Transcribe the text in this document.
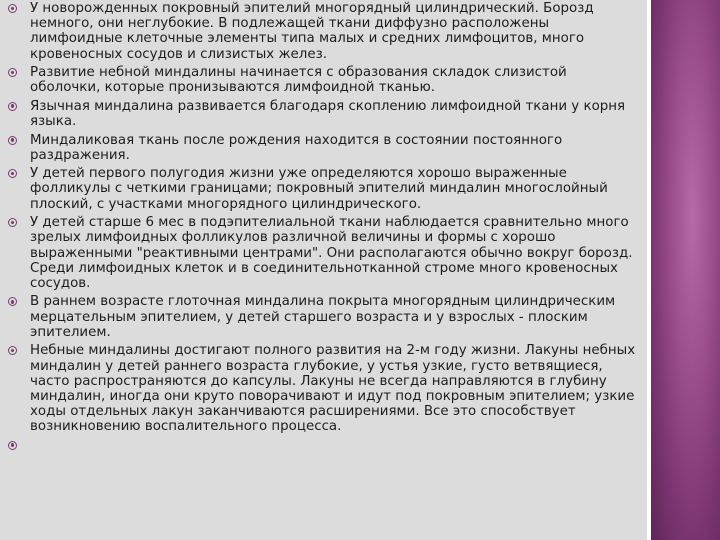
У новорожденных покровный эпителий многорядный цилиндрический. Борозд немного, они неглубокие. В подлежащей ткани диффузно расположены лимфоидные клеточные элементы типа малых и средних лимфоцитов, много кровеносных сосудов и слизистых желез.
Развитие небной миндалины начинается с образования складок слизистой оболочки, которые пронизываются лимфоидной тканью.
Язычная миндалина развивается благодаря скоплению лимфоидной ткани у корня языка.
Миндаликовая ткань после рождения находится в состоянии постоянного раздражения.
У детей первого полугодия жизни уже определяются хорошо выраженные фолликулы с четкими границами; покровный эпителий миндалин многослойный плоский, с участками многорядного цилиндрического.
У детей старше 6 мес в подэпителиальной ткани наблюдается сравнительно много зрелых лимфоидных фолликулов различной величины и формы с хорошо выраженными "реактивными центрами". Они располагаются обычно вокруг борозд. Среди лимфоидных клеток и в соединительнотканной строме много кровеносных сосудов.
В раннем возрасте глоточная миндалина покрыта многорядным цилиндрическим мерцательным эпителием, у детей старшего возраста и у взрослых - плоским эпителием.
Небные миндалины достигают полного развития на 2-м году жизни. Лакуны небных миндалин у детей раннего возраста глубокие, у устья узкие, густо ветвящиеся, часто распространяются до капсулы. Лакуны не всегда направляются в глубину миндалин, иногда они круто поворачивают и идут под покровным эпителием; узкие ходы отдельных лакун заканчиваются расширениями. Все это способствует возникновению воспалительного процесса.
